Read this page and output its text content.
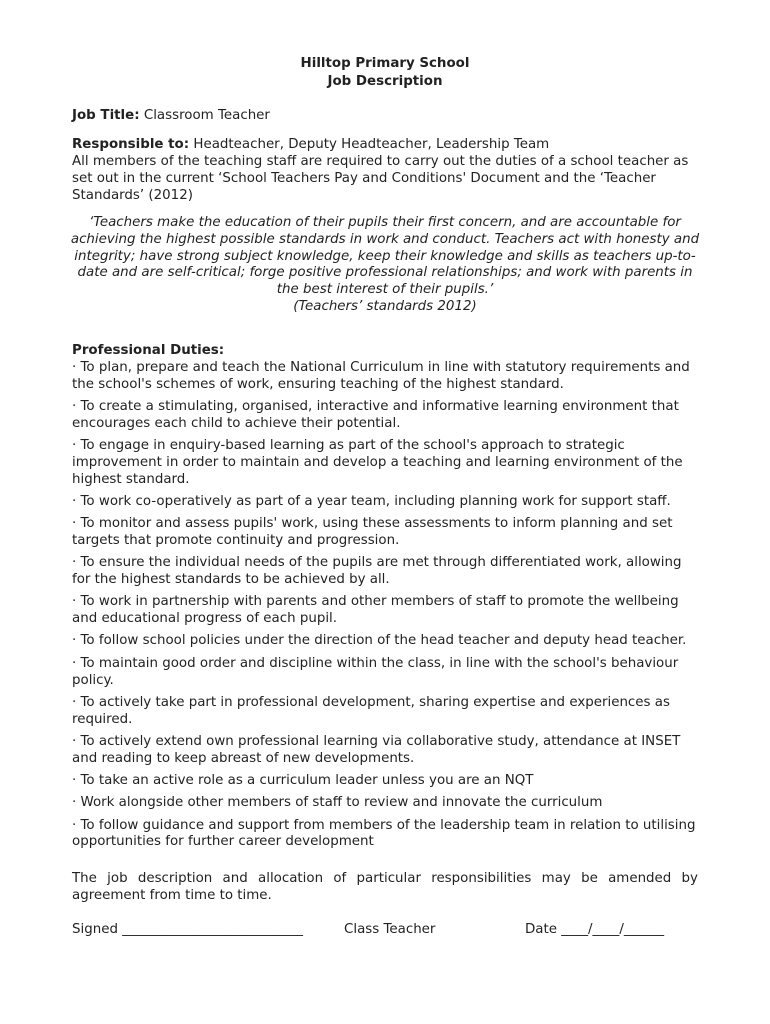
Hilltop Primary School
Job Description
Job Title: Classroom Teacher
Responsible to: Headteacher, Deputy Headteacher, Leadership Team
All members of the teaching staff are required to carry out the duties of a school teacher as set out in the current ‘School Teachers Pay and Conditions' Document and the ‘Teacher Standards’ (2012)
‘Teachers make the education of their pupils their first concern, and are accountable for achieving the highest possible standards in work and conduct. Teachers act with honesty and integrity; have strong subject knowledge, keep their knowledge and skills as teachers up-to-date and are self-critical; forge positive professional relationships; and work with parents in the best interest of their pupils.’
(Teachers’ standards 2012)
Professional Duties:
· To plan, prepare and teach the National Curriculum in line with statutory requirements and the school's schemes of work, ensuring teaching of the highest standard.
· To create a stimulating, organised, interactive and informative learning environment that encourages each child to achieve their potential.
· To engage in enquiry-based learning as part of the school's approach to strategic improvement in order to maintain and develop a teaching and learning environment of the highest standard.
· To work co-operatively as part of a year team, including planning work for support staff.
· To monitor and assess pupils' work, using these assessments to inform planning and set targets that promote continuity and progression.
· To ensure the individual needs of the pupils are met through differentiated work, allowing for the highest standards to be achieved by all.
· To work in partnership with parents and other members of staff to promote the wellbeing and educational progress of each pupil.
· To follow school policies under the direction of the head teacher and deputy head teacher.
· To maintain good order and discipline within the class, in line with the school's behaviour policy.
· To actively take part in professional development, sharing expertise and experiences as required.
· To actively extend own professional learning via collaborative study, attendance at INSET and reading to keep abreast of new developments.
· To take an active role as a curriculum leader unless you are an NQT
· Work alongside other members of staff to review and innovate the curriculum
· To follow guidance and support from members of the leadership team in relation to utilising opportunities for further career development
The job description and allocation of particular responsibilities may be amended by agreement from time to time.
Signed ___________________________	Class Teacher	Date ____/____/______
